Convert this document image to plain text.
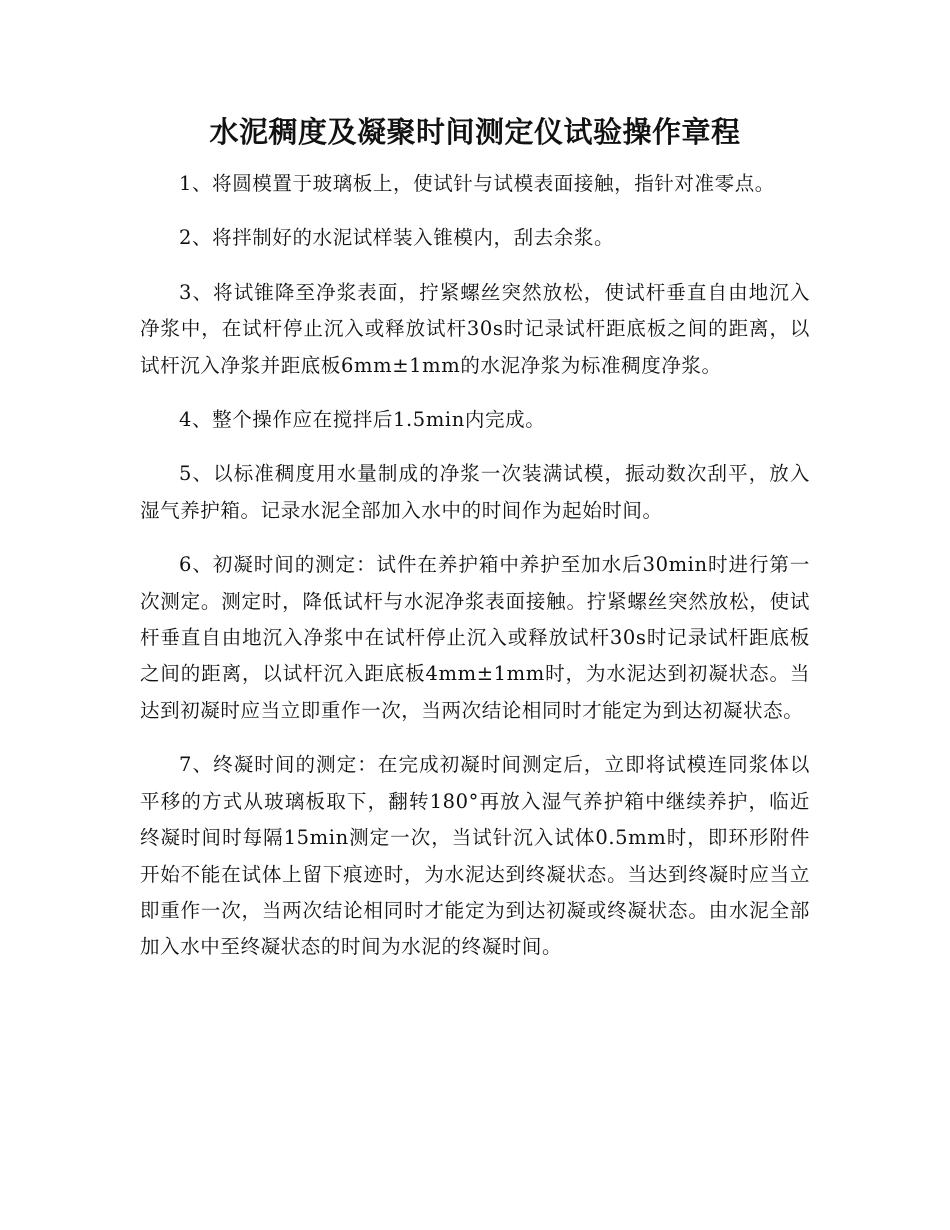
水泥稠度及凝聚时间测定仪试验操作章程

1、将圆模置于玻璃板上，使试针与试模表面接触，指针对准零点。

2、将拌制好的水泥试样装入锥模内，刮去余浆。

3、将试锥降至净浆表面，拧紧螺丝突然放松，使试杆垂直自由地沉入净浆中，在试杆停止沉入或释放试杆30s时记录试杆距底板之间的距离，以试杆沉入净浆并距底板6mm±1mm的水泥净浆为标准稠度净浆。

4、整个操作应在搅拌后1.5min内完成。

5、以标准稠度用水量制成的净浆一次装满试模，振动数次刮平，放入湿气养护箱。记录水泥全部加入水中的时间作为起始时间。

6、初凝时间的测定：试件在养护箱中养护至加水后30min时进行第一次测定。测定时，降低试杆与水泥净浆表面接触。拧紧螺丝突然放松，使试杆垂直自由地沉入净浆中在试杆停止沉入或释放试杆30s时记录试杆距底板之间的距离，以试杆沉入距底板4mm±1mm时，为水泥达到初凝状态。当达到初凝时应当立即重作一次，当两次结论相同时才能定为到达初凝状态。

7、终凝时间的测定：在完成初凝时间测定后，立即将试模连同浆体以平移的方式从玻璃板取下，翻转180°再放入湿气养护箱中继续养护，临近终凝时间时每隔15min测定一次，当试针沉入试体0.5mm时，即环形附件开始不能在试体上留下痕迹时，为水泥达到终凝状态。当达到终凝时应当立即重作一次，当两次结论相同时才能定为到达初凝或终凝状态。由水泥全部加入水中至终凝状态的时间为水泥的终凝时间。
